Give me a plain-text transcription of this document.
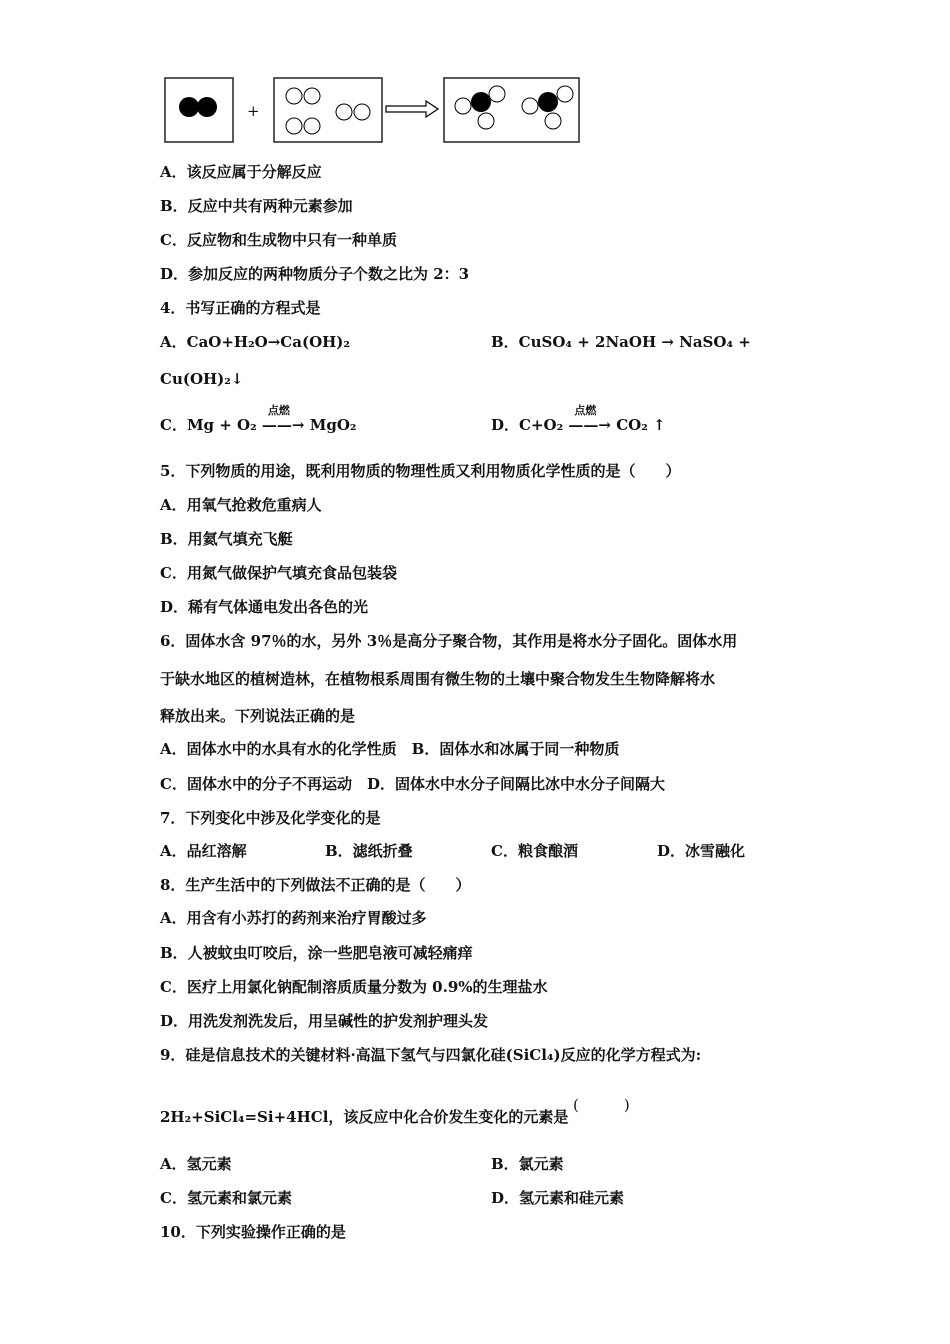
+
A．该反应属于分解反应
B．反应中共有两种元素参加
C．反应物和生成物中只有一种单质
D．参加反应的两种物质分子个数之比为 2：3
4．书写正确的方程式是
A．CaO+H₂O→Ca(OH)₂	B．CuSO₄ + 2NaOH → NaSO₄ +
Cu(OH)₂↓
C．Mg + O₂
点燃
——→ MgO₂	D．C+O₂
点燃
——→ CO₂ ↑
5．下列物质的用途，既利用物质的物理性质又利用物质化学性质的是（　　）
A．用氧气抢救危重病人
B．用氦气填充飞艇
C．用氮气做保护气填充食品包装袋
D．稀有气体通电发出各色的光
6．固体水含 97％的水，另外 3％是高分子聚合物，其作用是将水分子固化。固体水用
于缺水地区的植树造林，在植物根系周围有微生物的土壤中聚合物发生生物降解将水
释放出来。下列说法正确的是
A．固体水中的水具有水的化学性质　B．固体水和冰属于同一种物质
C．固体水中的分子不再运动　D．固体水中水分子间隔比冰中水分子间隔大
7．下列变化中涉及化学变化的是
A．品红溶解	B．滤纸折叠	C．粮食酿酒	D．冰雪融化
8．生产生活中的下列做法不正确的是（　　）
A．用含有小苏打的药剂来治疗胃酸过多
B．人被蚊虫叮咬后，涂一些肥皂液可减轻痛痒
C．医疗上用氯化钠配制溶质质量分数为 0.9%的生理盐水
D．用洗发剂洗发后，用呈碱性的护发剂护理头发
9．硅是信息技术的关键材料·高温下氢气与四氯化硅(SiCl₄)反应的化学方程式为:
2H₂+SiCl₄=Si+4HCl，该反应中化合价发生变化的元素是
(　　　)
A．氢元素	B．氯元素
C．氢元素和氯元素	D．氢元素和硅元素
10．下列实验操作正确的是
